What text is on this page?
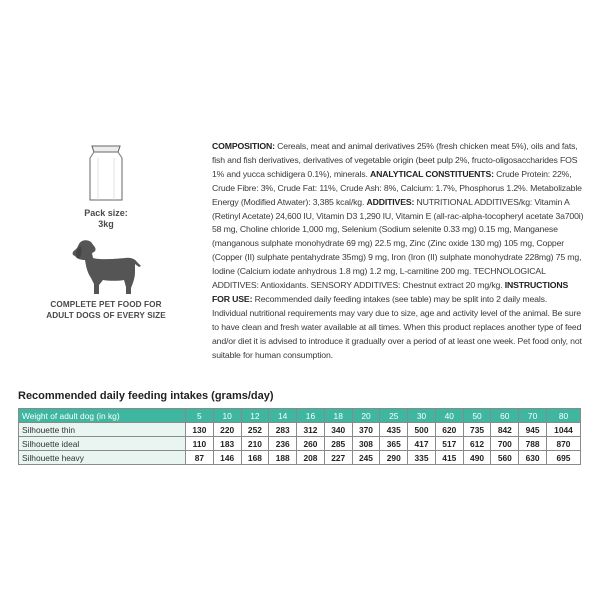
Pack size:
3kg
COMPLETE PET FOOD FOR
ADULT DOGS OF EVERY SIZE

COMPOSITION: Cereals, meat and animal derivatives 25% (fresh chicken meat 5%), oils and fats, fish and fish derivatives, derivatives of vegetable origin (beet pulp 2%, fructo-oligosaccharides FOS 1% and yucca schidigera 0.1%), minerals. ANALYTICAL CONSTITUENTS: Crude Protein: 22%, Crude Fibre: 3%, Crude Fat: 11%, Crude Ash: 8%, Calcium: 1.7%, Phosphorus 1.2%. Metabolizable Energy (Modified Atwater): 3,385 kcal/kg. ADDITIVES: NUTRITIONAL ADDITIVES/kg: Vitamin A (Retinyl Acetate) 24,600 IU, Vitamin D3 1,290 IU, Vitamin E (all-rac-alpha-tocopheryl acetate 3a700i) 58 mg, Choline chloride 1,000 mg, Selenium (Sodium selenite 0.33 mg) 0.15 mg, Manganese (manganous sulphate monohydrate 69 mg) 22.5 mg, Zinc (Zinc oxide 130 mg) 105 mg, Copper (Copper (II) sulphate pentahydrate 35mg) 9 mg, Iron (Iron (II) sulphate monohydrate 228mg) 75 mg, Iodine (Calcium iodate anhydrous 1.8 mg) 1.2 mg, L-carnitine 200 mg. TECHNOLOGICAL ADDITIVES: Antioxidants. SENSORY ADDITIVES: Chestnut extract 20 mg/kg. INSTRUCTIONS FOR USE: Recommended daily feeding intakes (see table) may be split into 2 daily meals. Individual nutritional requirements may vary due to size, age and activity level of the animal. Be sure to have clean and fresh water available at all times. When this product replaces another type of feed and/or diet it is advised to introduce it gradually over a period of at least one week. Pet food only, not suitable for human consumption.

Recommended daily feeding intakes (grams/day)
Weight of adult dog (in kg)	5	10	12	14	16	18	20	25	30	40	50	60	70	80
Silhouette thin	130	220	252	283	312	340	370	435	500	620	735	842	945	1044
Silhouette ideal	110	183	210	236	260	285	308	365	417	517	612	700	788	870
Silhouette heavy	87	146	168	188	208	227	245	290	335	415	490	560	630	695
